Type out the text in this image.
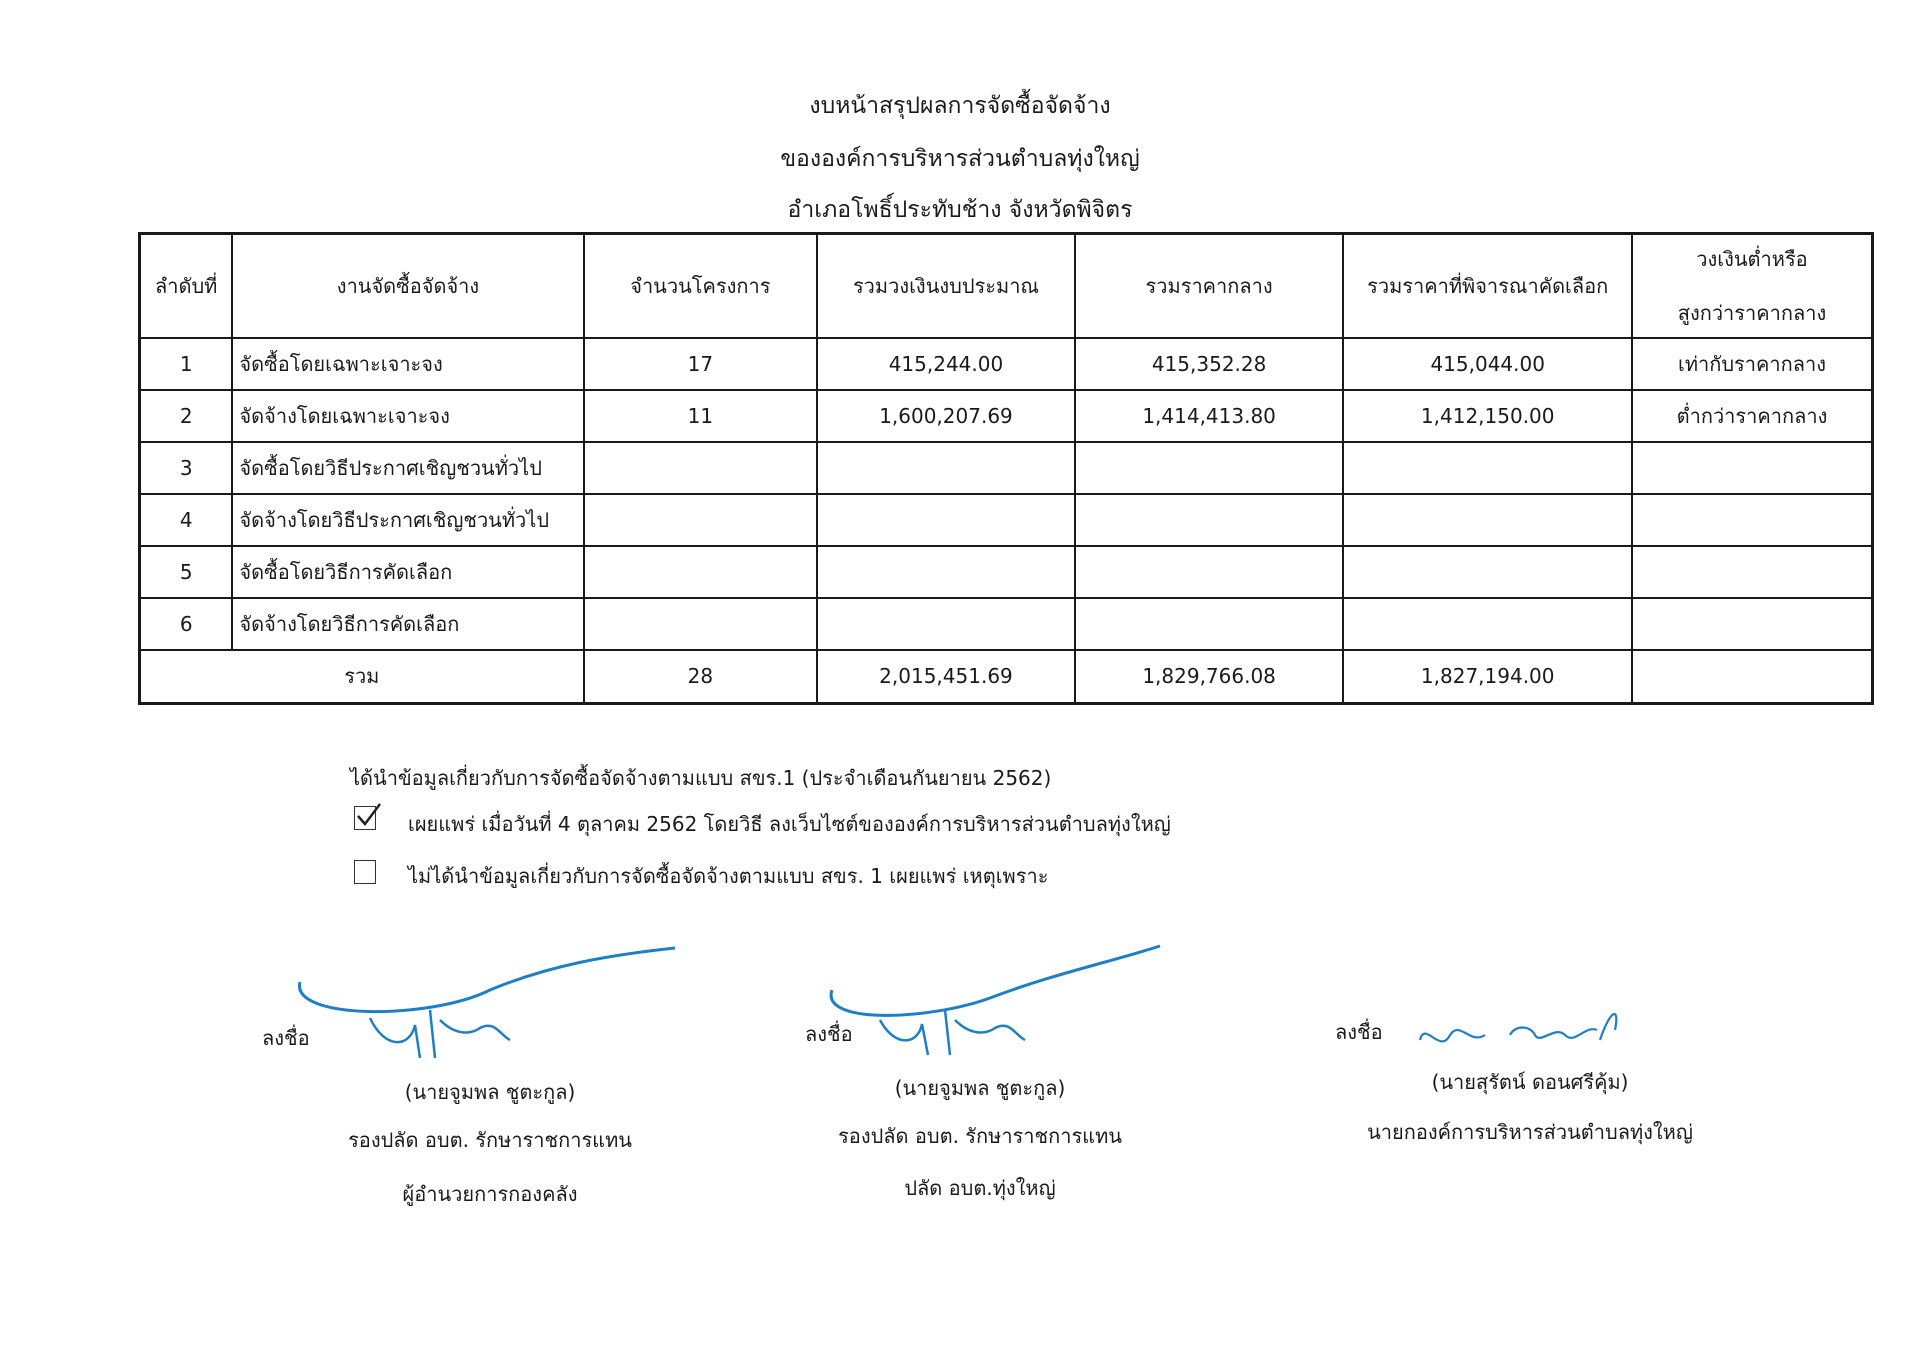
งบหน้าสรุปผลการจัดซื้อจัดจ้าง
ขององค์การบริหารส่วนตำบลทุ่งใหญ่
อำเภอโพธิ์ประทับช้าง จังหวัดพิจิตร
ลำดับที่	งานจัดซื้อจัดจ้าง	จำนวนโครงการ	รวมวงเงินงบประมาณ	รวมราคากลาง	รวมราคาที่พิจารณาคัดเลือก	วงเงินต่ำหรือ
สูงกว่าราคากลาง

1	จัดซื้อโดยเฉพาะเจาะจง	17	415,244.00	415,352.28	415,044.00	เท่ากับราคากลาง
2	จัดจ้างโดยเฉพาะเจาะจง	11	1,600,207.69	1,414,413.80	1,412,150.00	ต่ำกว่าราคากลาง
3	จัดซื้อโดยวิธีประกาศเชิญชวนทั่วไป					
4	จัดจ้างโดยวิธีประกาศเชิญชวนทั่วไป					
5	จัดซื้อโดยวิธีการคัดเลือก					
6	จัดจ้างโดยวิธีการคัดเลือก					
รวม		28	2,015,451.69	1,829,766.08	1,827,194.00	
ได้นำข้อมูลเกี่ยวกับการจัดซื้อจัดจ้างตามแบบ สขร.1 (ประจำเดือนกันยายน 2562)
เผยแพร่ เมื่อวันที่ 4 ตุลาคม 2562 โดยวิธี ลงเว็บไซต์ขององค์การบริหารส่วนตำบลทุ่งใหญ่
ไม่ได้นำข้อมูลเกี่ยวกับการจัดซื้อจัดจ้างตามแบบ สขร. 1 เผยแพร่ เหตุเพราะ
ลงชื่อ
(นายจูมพล ชูตะกูล)
รองปลัด อบต. รักษาราชการแทน
ผู้อำนวยการกองคลัง
ลงชื่อ
(นายจูมพล ชูตะกูล)
รองปลัด อบต. รักษาราชการแทน
ปลัด อบต.ทุ่งใหญ่
ลงชื่อ
(นายสุรัตน์ ดอนศรีคุ้ม)
นายกองค์การบริหารส่วนตำบลทุ่งใหญ่
